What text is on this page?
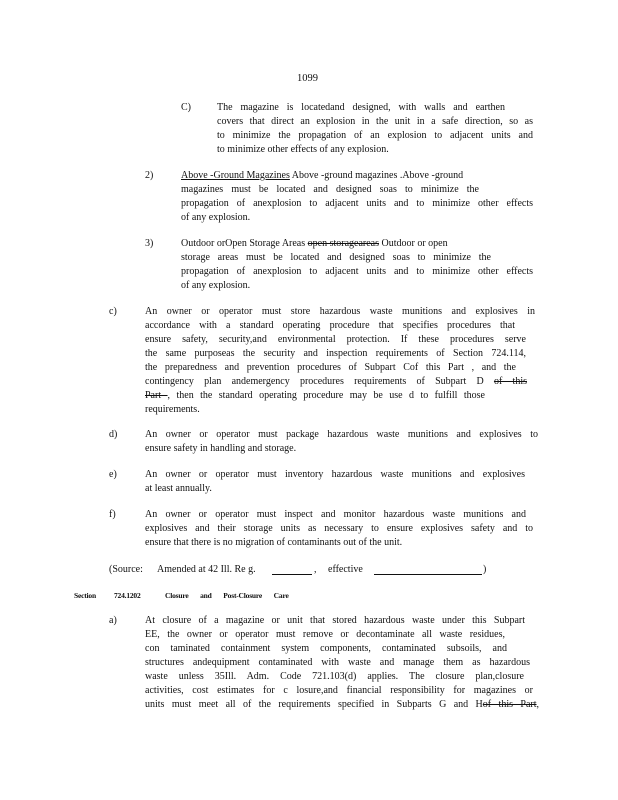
1099
C)	The magazine is locatedand designed, with walls and earthen
covers that direct an explosion in the unit in a safe direction, so as
to minimize the propagation of an explosion to adjacent units and
to minimize other effects of any explosion.
2)	Above -Ground Magazines Above -ground magazines .Above -ground
magazines must be located and designed soas to minimize the
propagation of anexplosion to adjacent units and to minimize other effects
of any explosion.
3)	Outdoor orOpen Storage Areas open storageareas Outdoor or open
storage areas must be located and designed soas to minimize the
propagation of anexplosion to adjacent units and to minimize other effects
of any explosion.
c)	An owner or operator must store hazardous waste munitions and explosives in
accordance with a standard operating procedure that specifies procedures that
ensure safety, security,and environmental protection. If these procedures serve
the same purposeas the security and inspection requirements of Section 724.114,
the preparedness and prevention procedures of Subpart Cof this Part , and the
contingency plan andemergency procedures requirements of Subpart D of this
Part , then the standard operating procedure may be use d to fulfill those
requirements.
d)	An owner or operator must package hazardous waste munitions and explosives to
ensure safety in handling and storage.
e)	An owner or operator must inventory hazardous waste munitions and explosives
at least annually.
f)	An owner or operator must inspect and monitor hazardous waste munitions and
explosives and their storage units as necessary to ensure explosives safety and to
ensure that there is no migration of contaminants out of the unit.
(Source: Amended at 42 Ill. Re g.	, effective	)
Section 724.1202	Closure and Post-Closure Care
a)	At closure of a magazine or unit that stored hazardous waste under this Subpart
EE, the owner or operator must remove or decontaminate all waste residues,
con taminated containment system components, contaminated subsoils, and
structures andequipment contaminated with waste and manage them as hazardous
waste unless 35Ill. Adm. Code 721.103(d) applies. The closure plan,closure
activities, cost estimates for c losure,and financial responsibility for magazines or
units must meet all of the requirements specified in Subparts G and Hof this Part,
